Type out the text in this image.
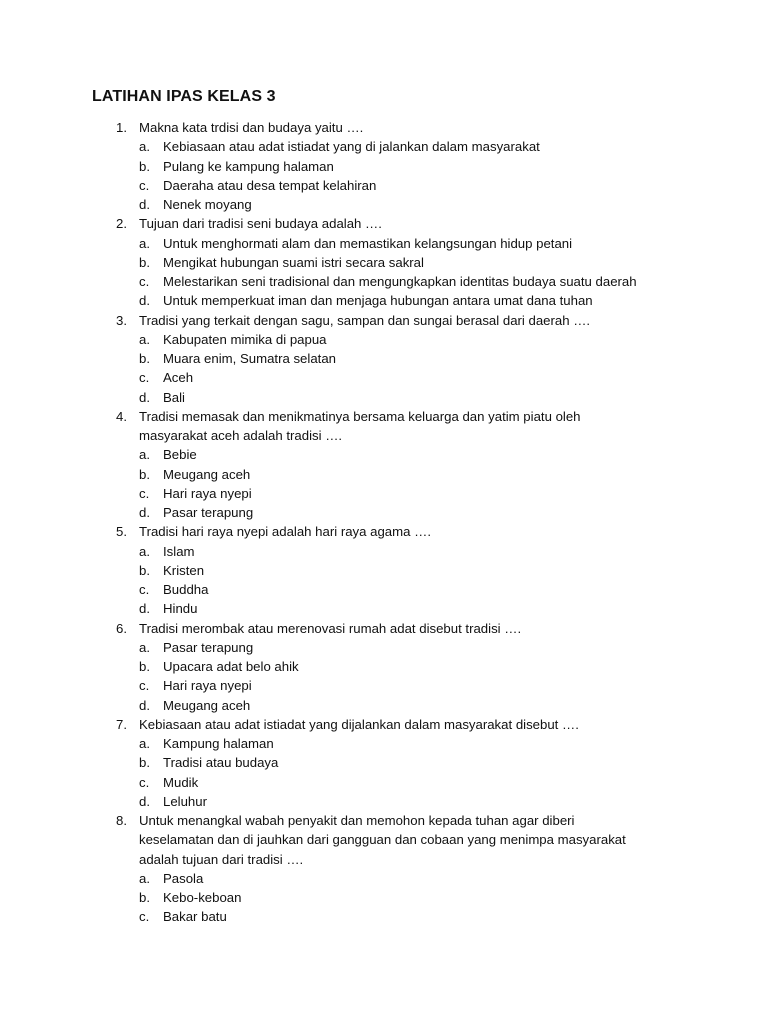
LATIHAN IPAS KELAS 3
1. Makna kata trdisi dan budaya yaitu ….
a. Kebiasaan atau adat istiadat yang di jalankan dalam masyarakat
b. Pulang ke kampung halaman
c.	Daeraha atau desa tempat kelahiran
d. Nenek moyang
2. Tujuan dari tradisi seni budaya adalah ….
a. Untuk menghormati alam dan memastikan kelangsungan hidup petani
b. Mengikat hubungan suami istri secara sakral
c.	Melestarikan seni tradisional dan mengungkapkan identitas budaya suatu daerah
d. Untuk memperkuat iman dan menjaga hubungan antara umat dana tuhan
3. Tradisi yang terkait dengan sagu, sampan dan sungai berasal dari daerah ….
a. Kabupaten mimika di papua
b. Muara enim, Sumatra selatan
c.	Aceh
d. Bali
4. Tradisi memasak dan menikmatinya bersama keluarga dan yatim piatu oleh
masyarakat aceh adalah tradisi ….
a. Bebie
b. Meugang aceh
c.	Hari raya nyepi
d. Pasar terapung
5. Tradisi hari raya nyepi adalah hari raya agama ….
a. Islam
b. Kristen
c.	Buddha
d. Hindu
6. Tradisi merombak atau merenovasi rumah adat disebut tradisi ….
a. Pasar terapung
b. Upacara adat belo ahik
c.	Hari raya nyepi
d. Meugang aceh
7. Kebiasaan atau adat istiadat yang dijalankan dalam masyarakat disebut ….
a. Kampung halaman
b. Tradisi atau budaya
c.	Mudik
d. Leluhur
8. Untuk menangkal wabah penyakit dan memohon kepada tuhan agar diberi
keselamatan dan di jauhkan dari gangguan dan cobaan yang menimpa masyarakat
adalah tujuan dari tradisi ….
a. Pasola
b. Kebo-keboan
c.	Bakar batu
